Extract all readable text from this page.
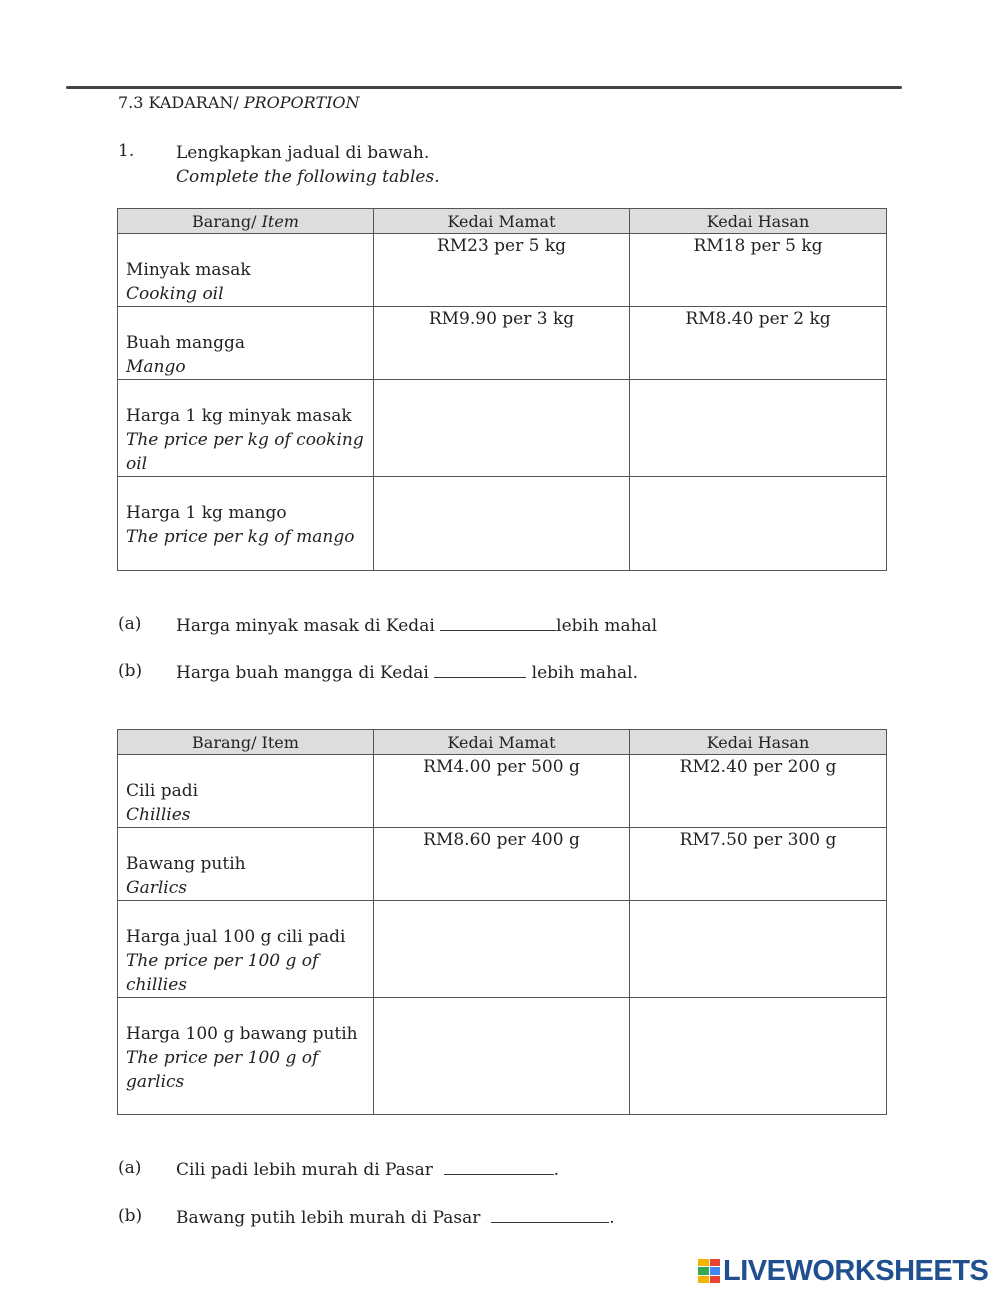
7.3 KADARAN/ PROPORTION
1. Lengkapkan jadual di bawah.
Complete the following tables.
Barang/ Item	Kedai Mamat	Kedai Hasan

Minyak masak
Cooking oil	RM23 per 5 kg	RM18 per 5 kg

Buah mangga
Mango	RM9.90 per 3 kg	RM8.40 per 2 kg

Harga 1 kg minyak masak
The price per kg of cooking oil		

Harga 1 kg mango
The price per kg of mango		

(a) Harga minyak masak di Kedai	lebih mahal
(b) Harga buah mangga di Kedai	lebih mahal.
Barang/ Item	Kedai Mamat	Kedai Hasan

Cili padi
Chillies	RM4.00 per 500 g	RM2.40 per 200 g

Bawang putih
Garlics	RM8.60 per 400 g	RM7.50 per 300 g

Harga jual 100 g cili padi
The price per 100 g of chillies		

Harga 100 g bawang putih
The price per 100 g of garlics		

(a) Cili padi lebih murah di Pasar	.
(b) Bawang putih lebih murah di Pasar	.
LIVEWORKSHEETS
